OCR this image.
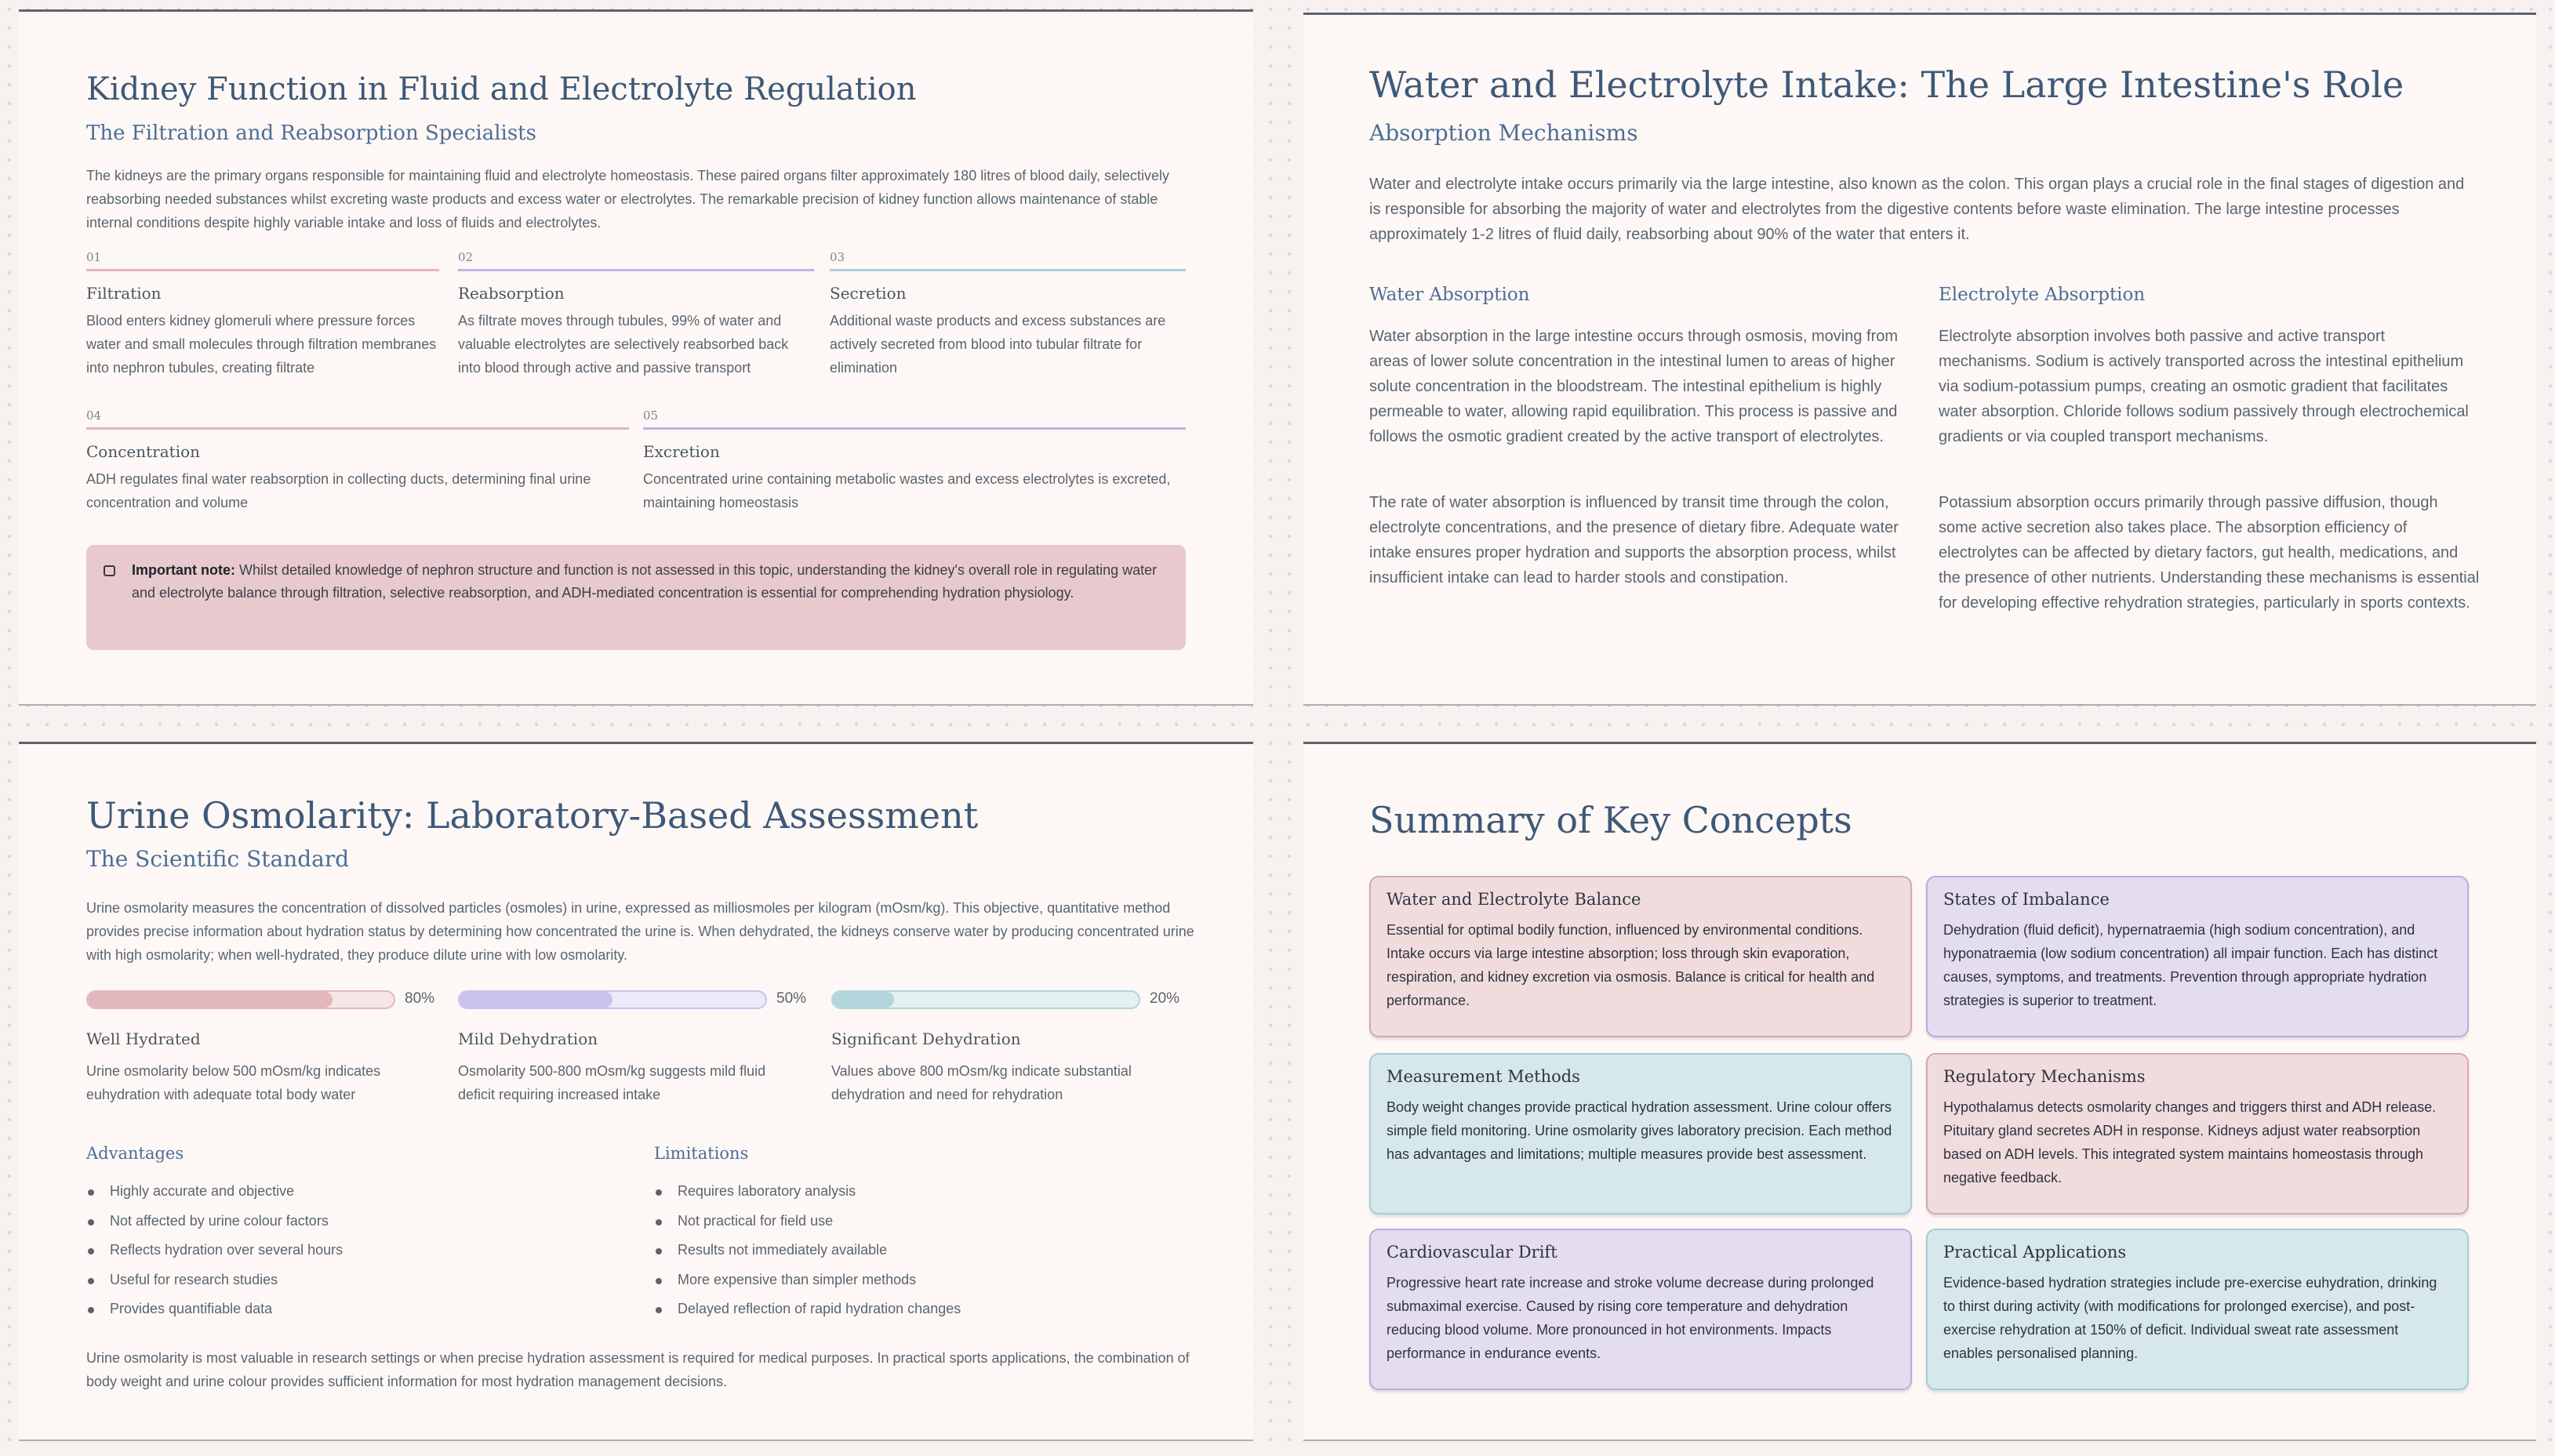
Kidney Function in Fluid and Electrolyte Regulation
The Filtration and Reabsorption Specialists
The kidneys are the primary organs responsible for maintaining fluid and electrolyte homeostasis. These paired organs filter approximately 180 litres of blood daily, selectively reabsorbing needed substances whilst excreting waste products and excess water or electrolytes. The remarkable precision of kidney function allows maintenance of stable internal conditions despite highly variable intake and loss of fluids and electrolytes.
01
Filtration
Blood enters kidney glomeruli where pressure forces water and small molecules through filtration membranes into nephron tubules, creating filtrate
02
Reabsorption
As filtrate moves through tubules, 99% of water and valuable electrolytes are selectively reabsorbed back into blood through active and passive transport
03
Secretion
Additional waste products and excess substances are actively secreted from blood into tubular filtrate for elimination
04
Concentration
ADH regulates final water reabsorption in collecting ducts, determining final urine concentration and volume
05
Excretion
Concentrated urine containing metabolic wastes and excess electrolytes is excreted, maintaining homeostasis
Important note: Whilst detailed knowledge of nephron structure and function is not assessed in this topic, understanding the kidney's overall role in regulating water and electrolyte balance through filtration, selective reabsorption, and ADH-mediated concentration is essential for comprehending hydration physiology.
Water and Electrolyte Intake: The Large Intestine's Role
Absorption Mechanisms
Water and electrolyte intake occurs primarily via the large intestine, also known as the colon. This organ plays a crucial role in the final stages of digestion and is responsible for absorbing the majority of water and electrolytes from the digestive contents before waste elimination. The large intestine processes approximately 1-2 litres of fluid daily, reabsorbing about 90% of the water that enters it.
Water Absorption
Water absorption in the large intestine occurs through osmosis, moving from areas of lower solute concentration in the intestinal lumen to areas of higher solute concentration in the bloodstream. The intestinal epithelium is highly permeable to water, allowing rapid equilibration. This process is passive and follows the osmotic gradient created by the active transport of electrolytes.
The rate of water absorption is influenced by transit time through the colon, electrolyte concentrations, and the presence of dietary fibre. Adequate water intake ensures proper hydration and supports the absorption process, whilst insufficient intake can lead to harder stools and constipation.
Electrolyte Absorption
Electrolyte absorption involves both passive and active transport mechanisms. Sodium is actively transported across the intestinal epithelium via sodium-potassium pumps, creating an osmotic gradient that facilitates water absorption. Chloride follows sodium passively through electrochemical gradients or via coupled transport mechanisms.
Potassium absorption occurs primarily through passive diffusion, though some active secretion also takes place. The absorption efficiency of electrolytes can be affected by dietary factors, gut health, medications, and the presence of other nutrients. Understanding these mechanisms is essential for developing effective rehydration strategies, particularly in sports contexts.
Urine Osmolarity: Laboratory-Based Assessment
The Scientific Standard
Urine osmolarity measures the concentration of dissolved particles (osmoles) in urine, expressed as milliosmoles per kilogram (mOsm/kg). This objective, quantitative method provides precise information about hydration status by determining how concentrated the urine is. When dehydrated, the kidneys conserve water by producing concentrated urine with high osmolarity; when well-hydrated, they produce dilute urine with low osmolarity.
80%
Well Hydrated
Urine osmolarity below 500 mOsm/kg indicates euhydration with adequate total body water
50%
Mild Dehydration
Osmolarity 500-800 mOsm/kg suggests mild fluid deficit requiring increased intake
20%
Significant Dehydration
Values above 800 mOsm/kg indicate substantial dehydration and need for rehydration
Advantages
Highly accurate and objective
Not affected by urine colour factors
Reflects hydration over several hours
Useful for research studies
Provides quantifiable data
Limitations
Requires laboratory analysis
Not practical for field use
Results not immediately available
More expensive than simpler methods
Delayed reflection of rapid hydration changes
Urine osmolarity is most valuable in research settings or when precise hydration assessment is required for medical purposes. In practical sports applications, the combination of body weight and urine colour provides sufficient information for most hydration management decisions.
Summary of Key Concepts
Water and Electrolyte Balance
Essential for optimal bodily function, influenced by environmental conditions. Intake occurs via large intestine absorption; loss through skin evaporation, respiration, and kidney excretion via osmosis. Balance is critical for health and performance.
States of Imbalance
Dehydration (fluid deficit), hypernatraemia (high sodium concentration), and hyponatraemia (low sodium concentration) all impair function. Each has distinct causes, symptoms, and treatments. Prevention through appropriate hydration strategies is superior to treatment.
Measurement Methods
Body weight changes provide practical hydration assessment. Urine colour offers simple field monitoring. Urine osmolarity gives laboratory precision. Each method has advantages and limitations; multiple measures provide best assessment.
Regulatory Mechanisms
Hypothalamus detects osmolarity changes and triggers thirst and ADH release. Pituitary gland secretes ADH in response. Kidneys adjust water reabsorption based on ADH levels. This integrated system maintains homeostasis through negative feedback.
Cardiovascular Drift
Progressive heart rate increase and stroke volume decrease during prolonged submaximal exercise. Caused by rising core temperature and dehydration reducing blood volume. More pronounced in hot environments. Impacts performance in endurance events.
Practical Applications
Evidence-based hydration strategies include pre-exercise euhydration, drinking to thirst during activity (with modifications for prolonged exercise), and post-exercise rehydration at 150% of deficit. Individual sweat rate assessment enables personalised planning.
